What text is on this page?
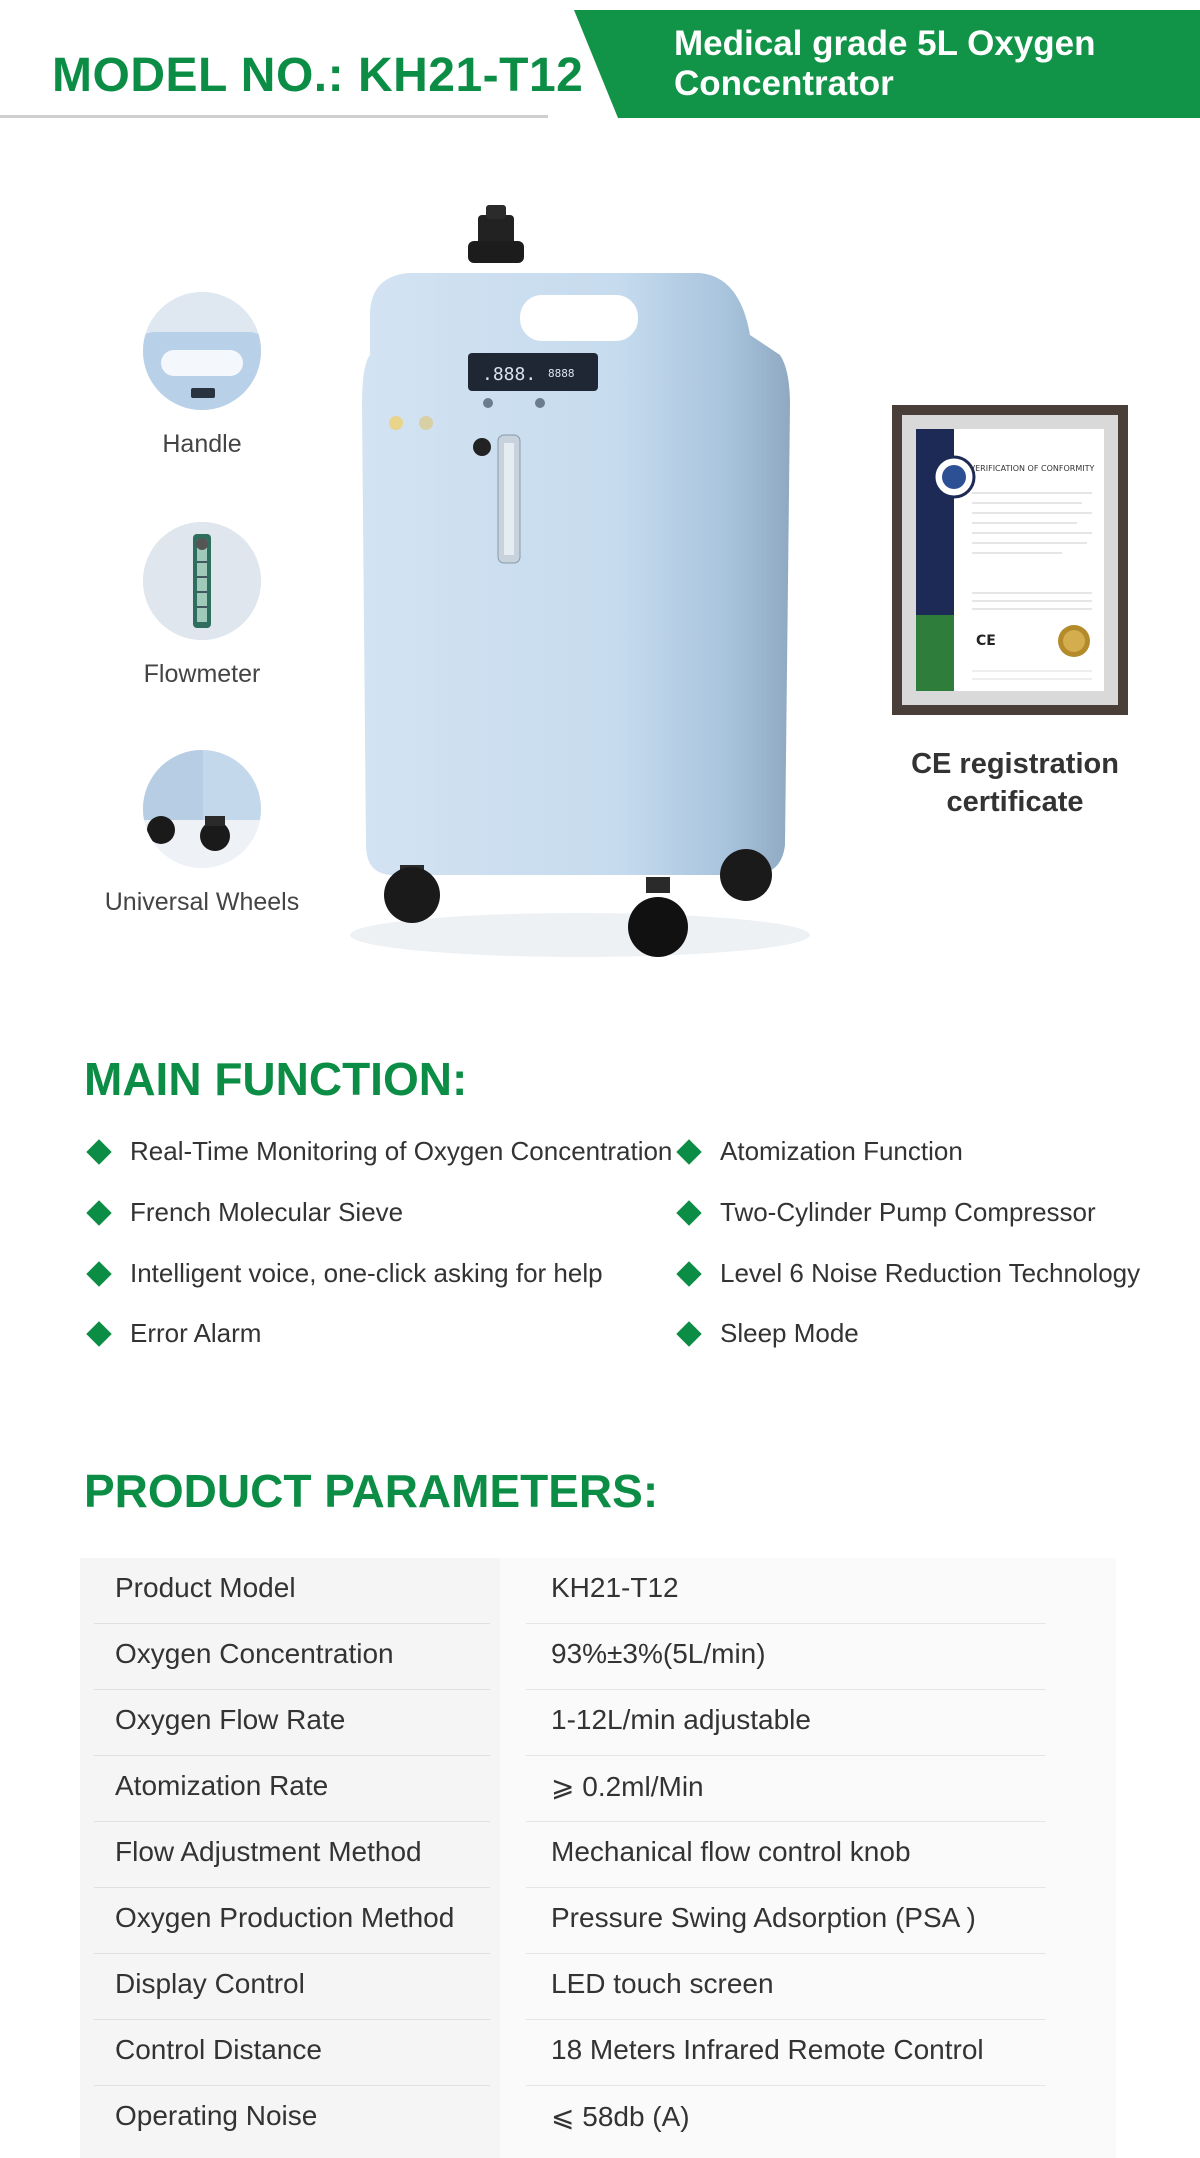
MODEL NO.: KH21-T12
Medical grade 5L Oxygen Concentrator
Handle
Flowmeter
Universal Wheels
.888. 8888
VERIFICATION OF CONFORMITY
CE
CE registration certificate
MAIN FUNCTION:
Real-Time Monitoring of Oxygen Concentration
French Molecular Sieve
Intelligent voice, one-click asking for help
Error Alarm
Atomization Function
Two-Cylinder Pump Compressor
Level 6 Noise Reduction Technology
Sleep Mode
PRODUCT PARAMETERS:
Product Model	KH21-T12
Oxygen Concentration	93%±3%(5L/min)
Oxygen Flow Rate	1-12L/min adjustable
Atomization Rate	⩾ 0.2ml/Min
Flow Adjustment Method	Mechanical flow control knob
Oxygen Production Method	Pressure Swing Adsorption (PSA )
Display Control	LED touch screen
Control Distance	18 Meters Infrared Remote Control
Operating Noise	⩽ 58db (A)
